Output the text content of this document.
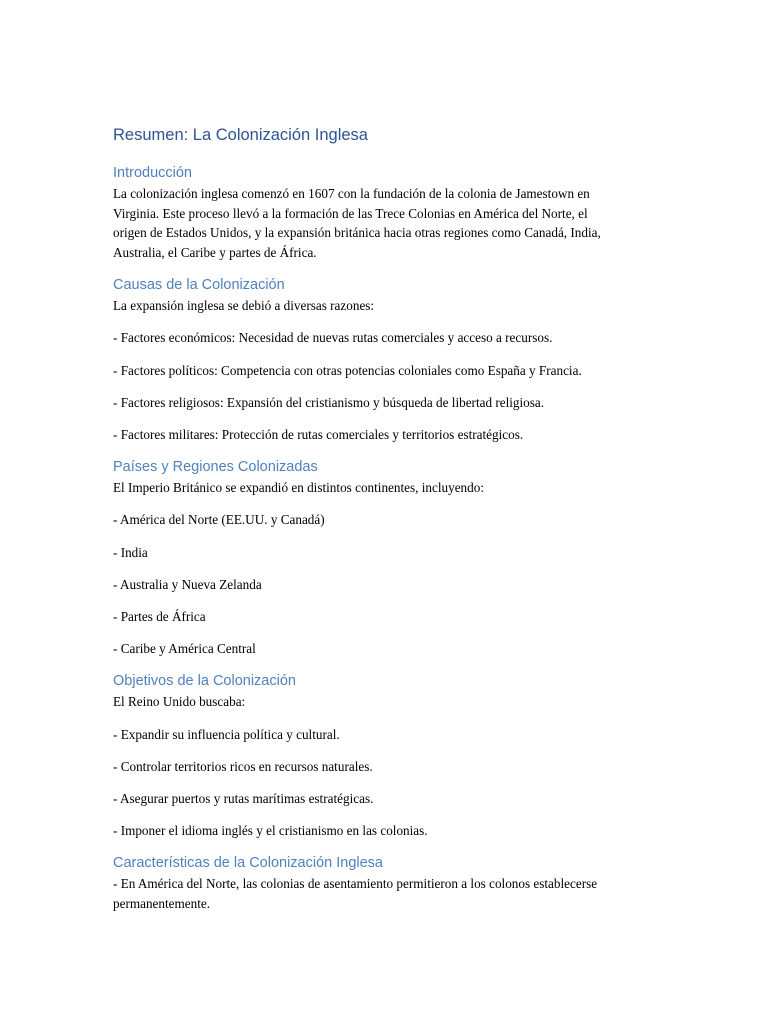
Resumen: La Colonización Inglesa
Introducción
La colonización inglesa comenzó en 1607 con la fundación de la colonia de Jamestown en
Virginia. Este proceso llevó a la formación de las Trece Colonias en América del Norte, el
origen de Estados Unidos, y la expansión británica hacia otras regiones como Canadá, India,
Australia, el Caribe y partes de África.
Causas de la Colonización

La expansión inglesa se debió a diversas razones:

- Factores económicos: Necesidad de nuevas rutas comerciales y acceso a recursos.

- Factores políticos: Competencia con otras potencias coloniales como España y Francia.

- Factores religiosos: Expansión del cristianismo y búsqueda de libertad religiosa.

- Factores militares: Protección de rutas comerciales y territorios estratégicos.

Países y Regiones Colonizadas

El Imperio Británico se expandió en distintos continentes, incluyendo:

- América del Norte (EE.UU. y Canadá)

- India

- Australia y Nueva Zelanda

- Partes de África

- Caribe y América Central

Objetivos de la Colonización

El Reino Unido buscaba:

- Expandir su influencia política y cultural.

- Controlar territorios ricos en recursos naturales.

- Asegurar puertos y rutas marítimas estratégicas.

- Imponer el idioma inglés y el cristianismo en las colonias.

Características de la Colonización Inglesa
- En América del Norte, las colonias de asentamiento permitieron a los colonos establecerse
permanentemente.
